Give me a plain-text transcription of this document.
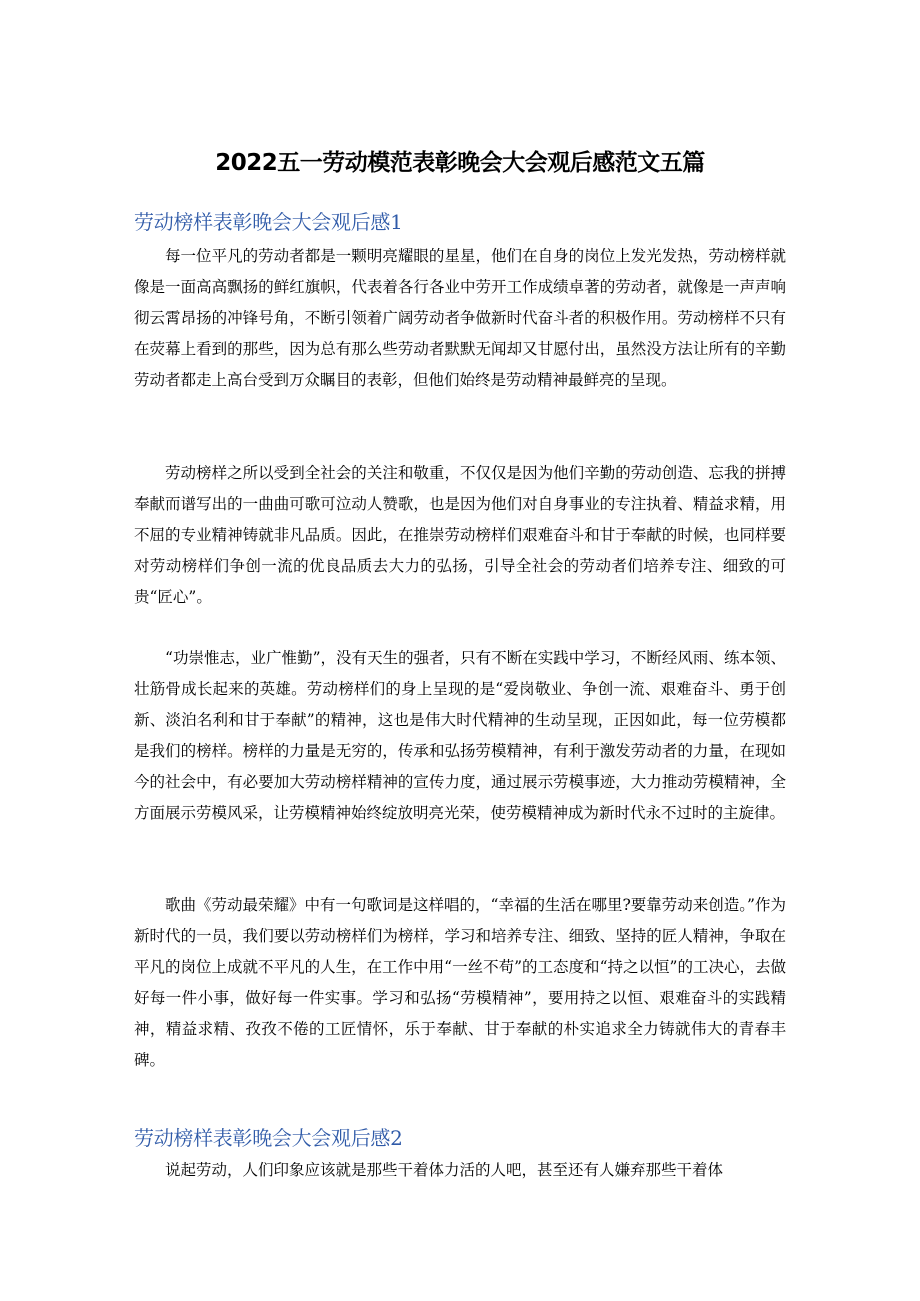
2022五一劳动模范表彰晚会大会观后感范文五篇
劳动榜样表彰晚会大会观后感1

每一位平凡的劳动者都是一颗明亮耀眼的星星，他们在自身的岗位上发光发热，劳动榜样就像是一面高高飘扬的鲜红旗帜，代表着各行各业中劳开工作成绩卓著的劳动者，就像是一声声响彻云霄昂扬的冲锋号角，不断引领着广阔劳动者争做新时代奋斗者的积极作用。劳动榜样不只有在荧幕上看到的那些，因为总有那么些劳动者默默无闻却又甘愿付出，虽然没方法让所有的辛勤劳动者都走上高台受到万众瞩目的表彰，但他们始终是劳动精神最鲜亮的呈现。

劳动榜样之所以受到全社会的关注和敬重，不仅仅是因为他们辛勤的劳动创造、忘我的拼搏奉献而谱写出的一曲曲可歌可泣动人赞歌，也是因为他们对自身事业的专注执着、精益求精，用不屈的专业精神铸就非凡品质。因此，在推崇劳动榜样们艰难奋斗和甘于奉献的时候，也同样要对劳动榜样们争创一流的优良品质去大力的弘扬，引导全社会的劳动者们培养专注、细致的可贵“匠心”。

“功崇惟志，业广惟勤”，没有天生的强者，只有不断在实践中学习，不断经风雨、练本领、壮筋骨成长起来的英雄。劳动榜样们的身上呈现的是“爱岗敬业、争创一流、艰难奋斗、勇于创新、淡泊名利和甘于奉献”的精神，这也是伟大时代精神的生动呈现，正因如此，每一位劳模都是我们的榜样。榜样的力量是无穷的，传承和弘扬劳模精神，有利于激发劳动者的力量，在现如今的社会中，有必要加大劳动榜样精神的宣传力度，通过展示劳模事迹，大力推动劳模精神，全方面展示劳模风采，让劳模精神始终绽放明亮光荣，使劳模精神成为新时代永不过时的主旋律。

歌曲《劳动最荣耀》中有一句歌词是这样唱的，“幸福的生活在哪里?要靠劳动来创造。”作为新时代的一员，我们要以劳动榜样们为榜样，学习和培养专注、细致、坚持的匠人精神，争取在平凡的岗位上成就不平凡的人生，在工作中用“一丝不苟”的工态度和“持之以恒”的工决心，去做好每一件小事，做好每一件实事。学习和弘扬“劳模精神”，要用持之以恒、艰难奋斗的实践精神，精益求精、孜孜不倦的工匠情怀，乐于奉献、甘于奉献的朴实追求全力铸就伟大的青春丰碑。

劳动榜样表彰晚会大会观后感2

说起劳动，人们印象应该就是那些干着体力活的人吧，甚至还有人嫌弃那些干着体
